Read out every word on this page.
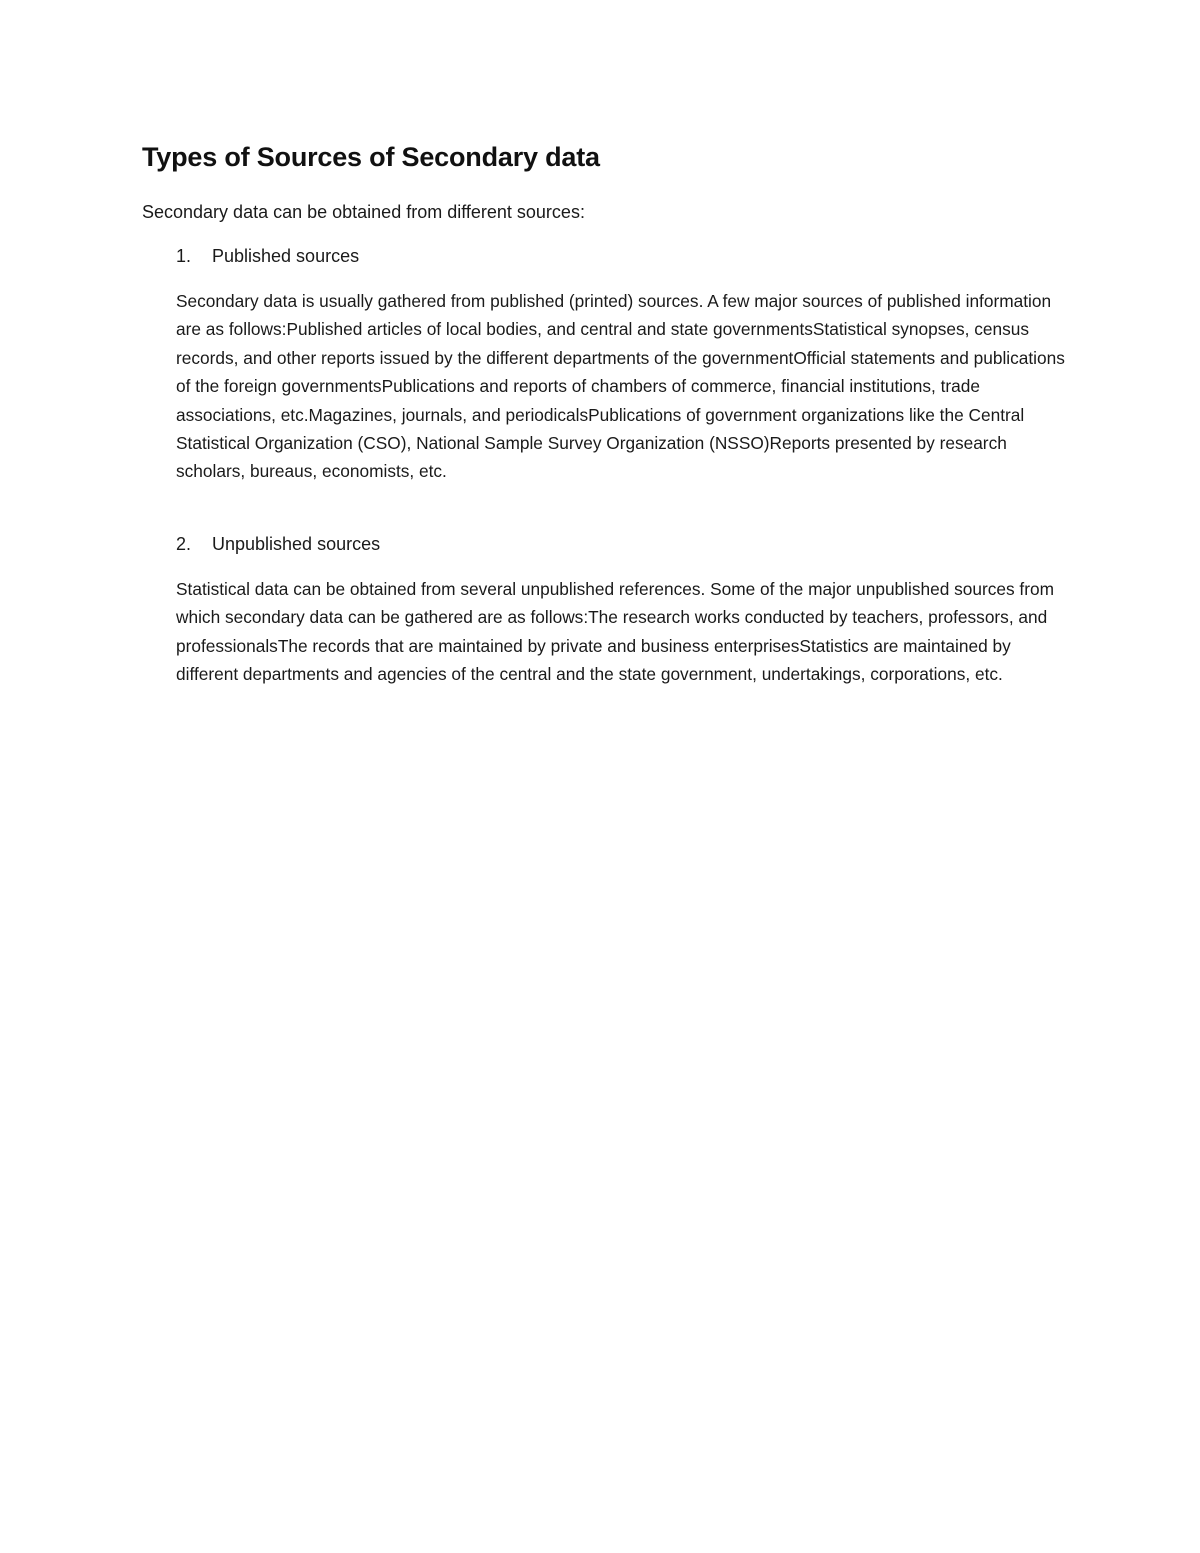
Types of Sources of Secondary data

Secondary data can be obtained from different sources:

1. Published sources

Secondary data is usually gathered from published (printed) sources. A few major sources of published information are as follows:Published articles of local bodies, and central and state governmentsStatistical synopses, census records, and other reports issued by the different departments of the governmentOfficial statements and publications of the foreign governmentsPublications and reports of chambers of commerce, financial institutions, trade associations, etc.Magazines, journals, and periodicalsPublications of government organizations like the Central Statistical Organization (CSO), National Sample Survey Organization (NSSO)Reports presented by research scholars, bureaus, economists, etc.

2. Unpublished sources

Statistical data can be obtained from several unpublished references. Some of the major unpublished sources from which secondary data can be gathered are as follows:The research works conducted by teachers, professors, and professionalsThe records that are maintained by private and business enterprisesStatistics are maintained by different departments and agencies of the central and the state government, undertakings, corporations, etc.
